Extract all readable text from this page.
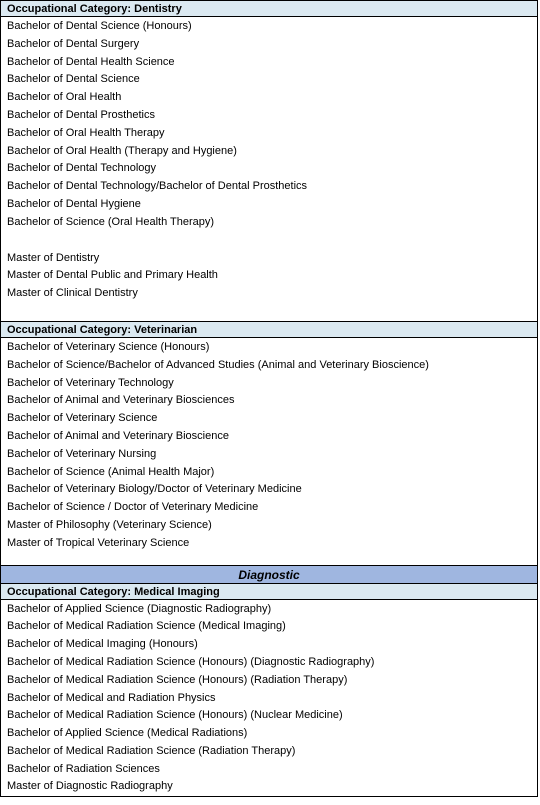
Occupational Category: Dentistry
Bachelor of Dental Science (Honours)
Bachelor of Dental Surgery
Bachelor of Dental Health Science
Bachelor of Dental Science
Bachelor of Oral Health
Bachelor of Dental Prosthetics
Bachelor of Oral Health Therapy
Bachelor of Oral Health (Therapy and Hygiene)
Bachelor of Dental Technology
Bachelor of Dental Technology/Bachelor of Dental Prosthetics
Bachelor of Dental Hygiene
Bachelor of Science (Oral Health Therapy)
Master of Dentistry
Master of Dental Public and Primary Health
Master of Clinical Dentistry
Occupational Category: Veterinarian
Bachelor of Veterinary Science (Honours)
Bachelor of Science/Bachelor of Advanced Studies (Animal and Veterinary Bioscience)
Bachelor of Veterinary Technology
Bachelor of Animal and Veterinary Biosciences
Bachelor of Veterinary Science
Bachelor of Animal and Veterinary Bioscience
Bachelor of Veterinary Nursing
Bachelor of Science (Animal Health Major)
Bachelor of Veterinary Biology/Doctor of Veterinary Medicine
Bachelor of Science / Doctor of Veterinary Medicine
Master of Philosophy (Veterinary Science)
Master of Tropical Veterinary Science
Diagnostic
Occupational Category: Medical Imaging
Bachelor of Applied Science (Diagnostic Radiography)
Bachelor of Medical Radiation Science (Medical Imaging)
Bachelor of Medical Imaging (Honours)
Bachelor of Medical Radiation Science (Honours) (Diagnostic Radiography)
Bachelor of Medical Radiation Science (Honours) (Radiation Therapy)
Bachelor of Medical and Radiation Physics
Bachelor of Medical Radiation Science (Honours) (Nuclear Medicine)
Bachelor of Applied Science (Medical Radiations)
Bachelor of Medical Radiation Science (Radiation Therapy)
Bachelor of Radiation Sciences
Master of Diagnostic Radiography
